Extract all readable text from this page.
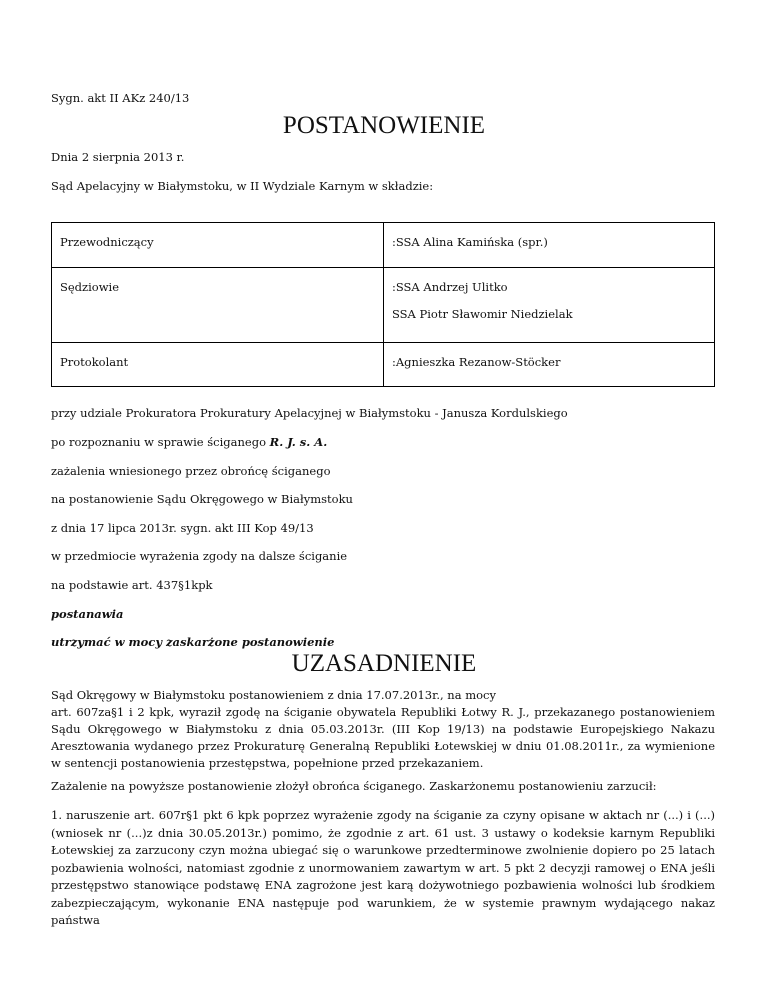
Sygn. akt II AKz 240/13
POSTANOWIENIE
Dnia 2 sierpnia 2013 r.
Sąd Apelacyjny w Białymstoku, w II Wydziale Karnym w składzie:
Przewodniczący	:SSA Alina Kamińska (spr.)
Sędziowie	:SSA Andrzej Ulitko
SSA Piotr Sławomir Niedzielak

Protokolant	:Agnieszka Rezanow-Stöcker
przy udziale Prokuratora Prokuratury Apelacyjnej w Białymstoku - Janusza Kordulskiego
po rozpoznaniu w sprawie ściganego R. J. s. A.
zażalenia wniesionego przez obrońcę ściganego
na postanowienie Sądu Okręgowego w Białymstoku
z dnia 17 lipca 2013r. sygn. akt III Kop 49/13
w przedmiocie wyrażenia zgody na dalsze ściganie
na podstawie art. 437§1kpk
postanawia
utrzymać w mocy zaskarżone postanowienie
UZASADNIENIE
Sąd Okręgowy w Białymstoku postanowieniem z dnia 17.07.2013r., na mocy
art. 607za§1 i 2 kpk, wyraził zgodę na ściganie obywatela Republiki Łotwy R. J., przekazanego postanowieniem Sądu Okręgowego w Białymstoku z dnia 05.03.2013r. (III Kop 19/13) na podstawie Europejskiego Nakazu Aresztowania wydanego przez Prokuraturę Generalną Republiki Łotewskiej w dniu 01.08.2011r., za wymienione w sentencji postanowienia przestępstwa, popełnione przed przekazaniem.
Zażalenie na powyższe postanowienie złożył obrońca ściganego. Zaskarżonemu postanowieniu zarzucił:
1. naruszenie art. 607r§1 pkt 6 kpk poprzez wyrażenie zgody na ściganie za czyny opisane w aktach nr (...) i (...) (wniosek nr (...)z dnia 30.05.2013r.) pomimo, że zgodnie z art. 61 ust. 3 ustawy o kodeksie karnym Republiki Łotewskiej za zarzucony czyn można ubiegać się o warunkowe przedterminowe zwolnienie dopiero po 25 latach pozbawienia wolności, natomiast zgodnie z unormowaniem zawartym w art. 5 pkt 2 decyzji ramowej o ENA jeśli przestępstwo stanowiące podstawę ENA zagrożone jest karą dożywotniego pozbawienia wolności lub środkiem zabezpieczającym, wykonanie ENA następuje pod warunkiem, że w systemie prawnym wydającego nakaz państwa
